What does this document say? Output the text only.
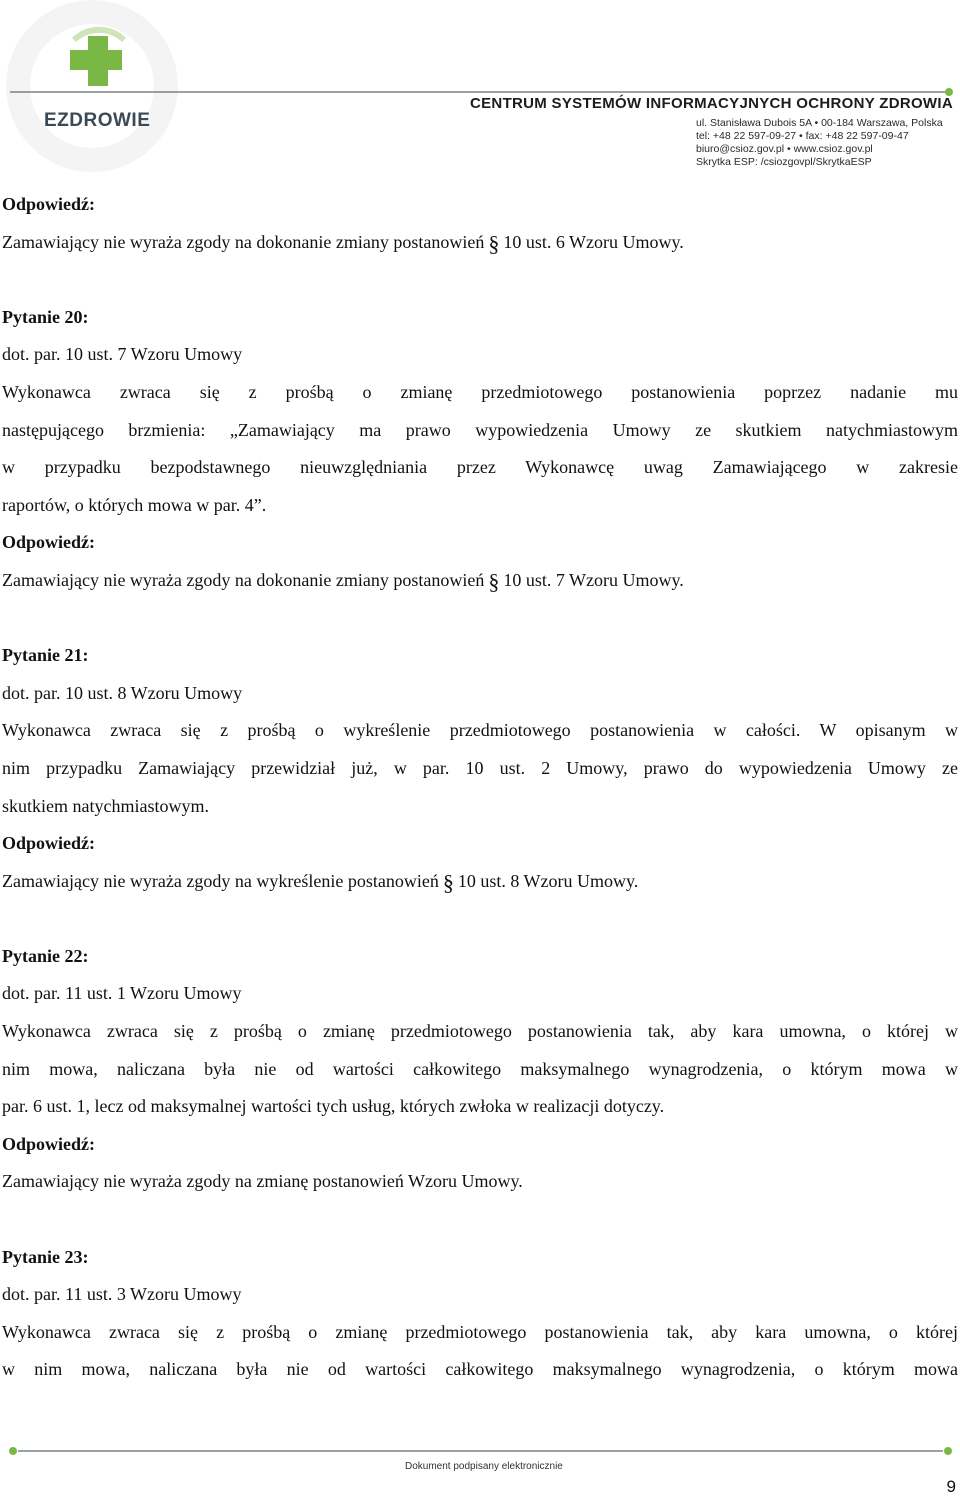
EZDROWIE
CENTRUM SYSTEMÓW INFORMACYJNYCH OCHRONY ZDROWIA
ul. Stanisława Dubois 5A • 00-184 Warszawa, Polska
tel: +48 22 597-09-27 • fax: +48 22 597-09-47
biuro@csioz.gov.pl • www.csioz.gov.pl
Skrytka ESP: /csiozgovpl/SkrytkaESP
Odpowiedź:
Zamawiający nie wyraża zgody na dokonanie zmiany postanowień § 10 ust. 6 Wzoru Umowy.
Pytanie 20:
dot. par. 10 ust. 7 Wzoru Umowy
Wykonawca zwraca się z prośbą o zmianę przedmiotowego postanowienia poprzez nadanie mu
następującego brzmienia: „Zamawiający ma prawo wypowiedzenia Umowy ze skutkiem natychmiastowym
w przypadku bezpodstawnego nieuwzględniania przez Wykonawcę uwag Zamawiającego w zakresie
raportów, o których mowa w par. 4”.
Odpowiedź:
Zamawiający nie wyraża zgody na dokonanie zmiany postanowień § 10 ust. 7 Wzoru Umowy.
Pytanie 21:
dot. par. 10 ust. 8 Wzoru Umowy
Wykonawca zwraca się z prośbą o wykreślenie przedmiotowego postanowienia w całości. W opisanym w
nim przypadku Zamawiający przewidział już, w par. 10 ust. 2 Umowy, prawo do wypowiedzenia Umowy ze
skutkiem natychmiastowym.
Odpowiedź:
Zamawiający nie wyraża zgody na wykreślenie postanowień § 10 ust. 8 Wzoru Umowy.
Pytanie 22:
dot. par. 11 ust. 1 Wzoru Umowy
Wykonawca zwraca się z prośbą o zmianę przedmiotowego postanowienia tak, aby kara umowna, o której w
nim mowa, naliczana była nie od wartości całkowitego maksymalnego wynagrodzenia, o którym mowa w
par. 6 ust. 1, lecz od maksymalnej wartości tych usług, których zwłoka w realizacji dotyczy.
Odpowiedź:
Zamawiający nie wyraża zgody na zmianę postanowień Wzoru Umowy.
Pytanie 23:
dot. par. 11 ust. 3 Wzoru Umowy
Wykonawca zwraca się z prośbą o zmianę przedmiotowego postanowienia tak, aby kara umowna, o której
w nim mowa, naliczana była nie od wartości całkowitego maksymalnego wynagrodzenia, o którym mowa
Dokument podpisany elektronicznie
9
